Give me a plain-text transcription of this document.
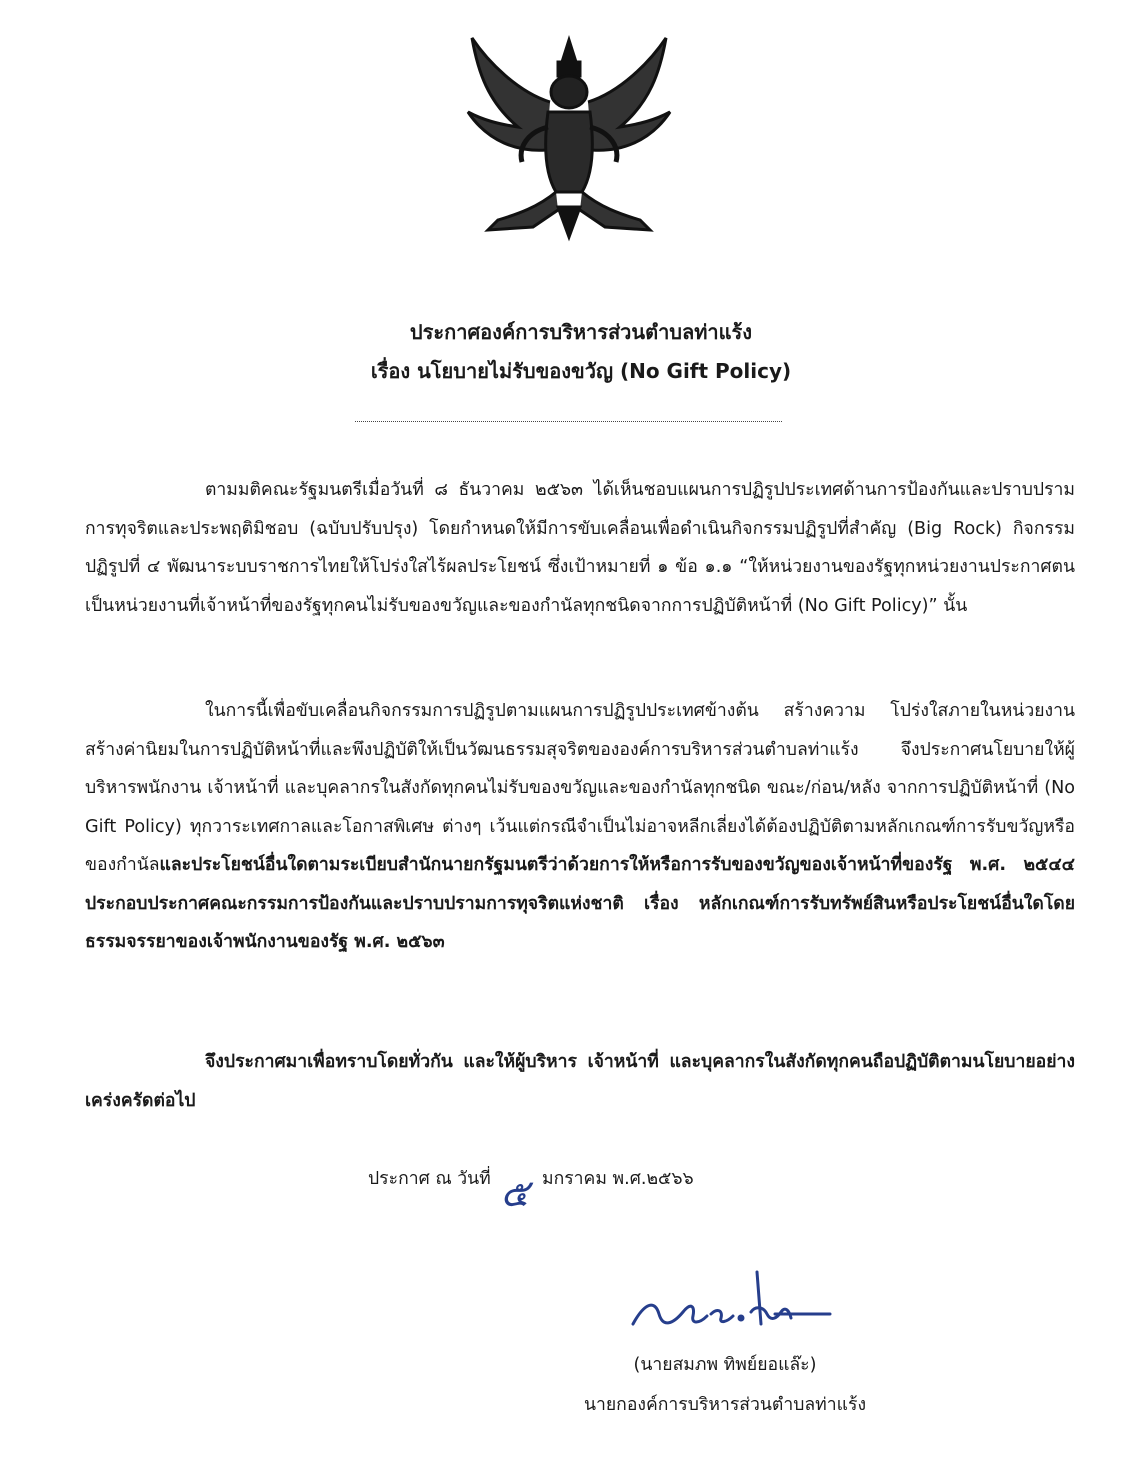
ประกาศองค์การบริหารส่วนตำบลท่าแร้ง
เรื่อง นโยบายไม่รับของขวัญ (No Gift Policy)

ตามมติคณะรัฐมนตรีเมื่อวันที่ ๘ ธันวาคม ๒๕๖๓ ได้เห็นชอบแผนการปฏิรูปประเทศด้านการป้องกันและปราบปรามการทุจริตและประพฤติมิชอบ (ฉบับปรับปรุง) โดยกำหนดให้มีการขับเคลื่อนเพื่อดำเนินกิจกรรมปฏิรูปที่สำคัญ (Big Rock) กิจกรรมปฏิรูปที่ ๔ พัฒนาระบบราชการไทยให้โปร่งใสไร้ผลประโยชน์ ซึ่งเป้าหมายที่ ๑ ข้อ ๑.๑ “ให้หน่วยงานของรัฐทุกหน่วยงานประกาศตนเป็นหน่วยงานที่เจ้าหน้าที่ของรัฐทุกคนไม่รับของขวัญและของกำนัลทุกชนิดจากการปฏิบัติหน้าที่ (No Gift Policy)” นั้น

ในการนี้เพื่อขับเคลื่อนกิจกรรมการปฏิรูปตามแผนการปฏิรูปประเทศข้างต้น สร้างความ โปร่งใสภายในหน่วยงาน สร้างค่านิยมในการปฏิบัติหน้าที่และพึงปฏิบัติให้เป็นวัฒนธรรมสุจริตขององค์การบริหารส่วนตำบลท่าแร้ง จึงประกาศนโยบายให้ผู้บริหารพนักงาน เจ้าหน้าที่ และบุคลากรในสังกัดทุกคนไม่รับของขวัญและของกำนัลทุกชนิด ขณะ/ก่อน/หลัง จากการปฏิบัติหน้าที่ (No Gift Policy) ทุกวาระเทศกาลและโอกาสพิเศษ ต่างๆ เว้นแต่กรณีจำเป็นไม่อาจหลีกเลี่ยงได้ต้องปฏิบัติตามหลักเกณฑ์การรับขวัญหรือของกำนัลและประโยชน์อื่นใดตามระเบียบสำนักนายกรัฐมนตรีว่าด้วยการให้หรือการรับของขวัญของเจ้าหน้าที่ของรัฐ พ.ศ. ๒๕๔๔ ประกอบประกาศคณะกรรมการป้องกันและปราบปรามการทุจริตแห่งชาติ เรื่อง หลักเกณฑ์การรับทรัพย์สินหรือประโยชน์อื่นใดโดยธรรมจรรยาของเจ้าพนักงานของรัฐ พ.ศ. ๒๕๖๓

จึงประกาศมาเพื่อทราบโดยทั่วกัน และให้ผู้บริหาร เจ้าหน้าที่ และบุคลากรในสังกัดทุกคนถือปฏิบัติตามนโยบายอย่างเคร่งครัดต่อไป

ประกาศ ณ วันที่ ๕ มกราคม พ.ศ.๒๕๖๖
(นายสมภพ ทิพย์ยอแล๊ะ)
นายกองค์การบริหารส่วนตำบลท่าแร้ง
